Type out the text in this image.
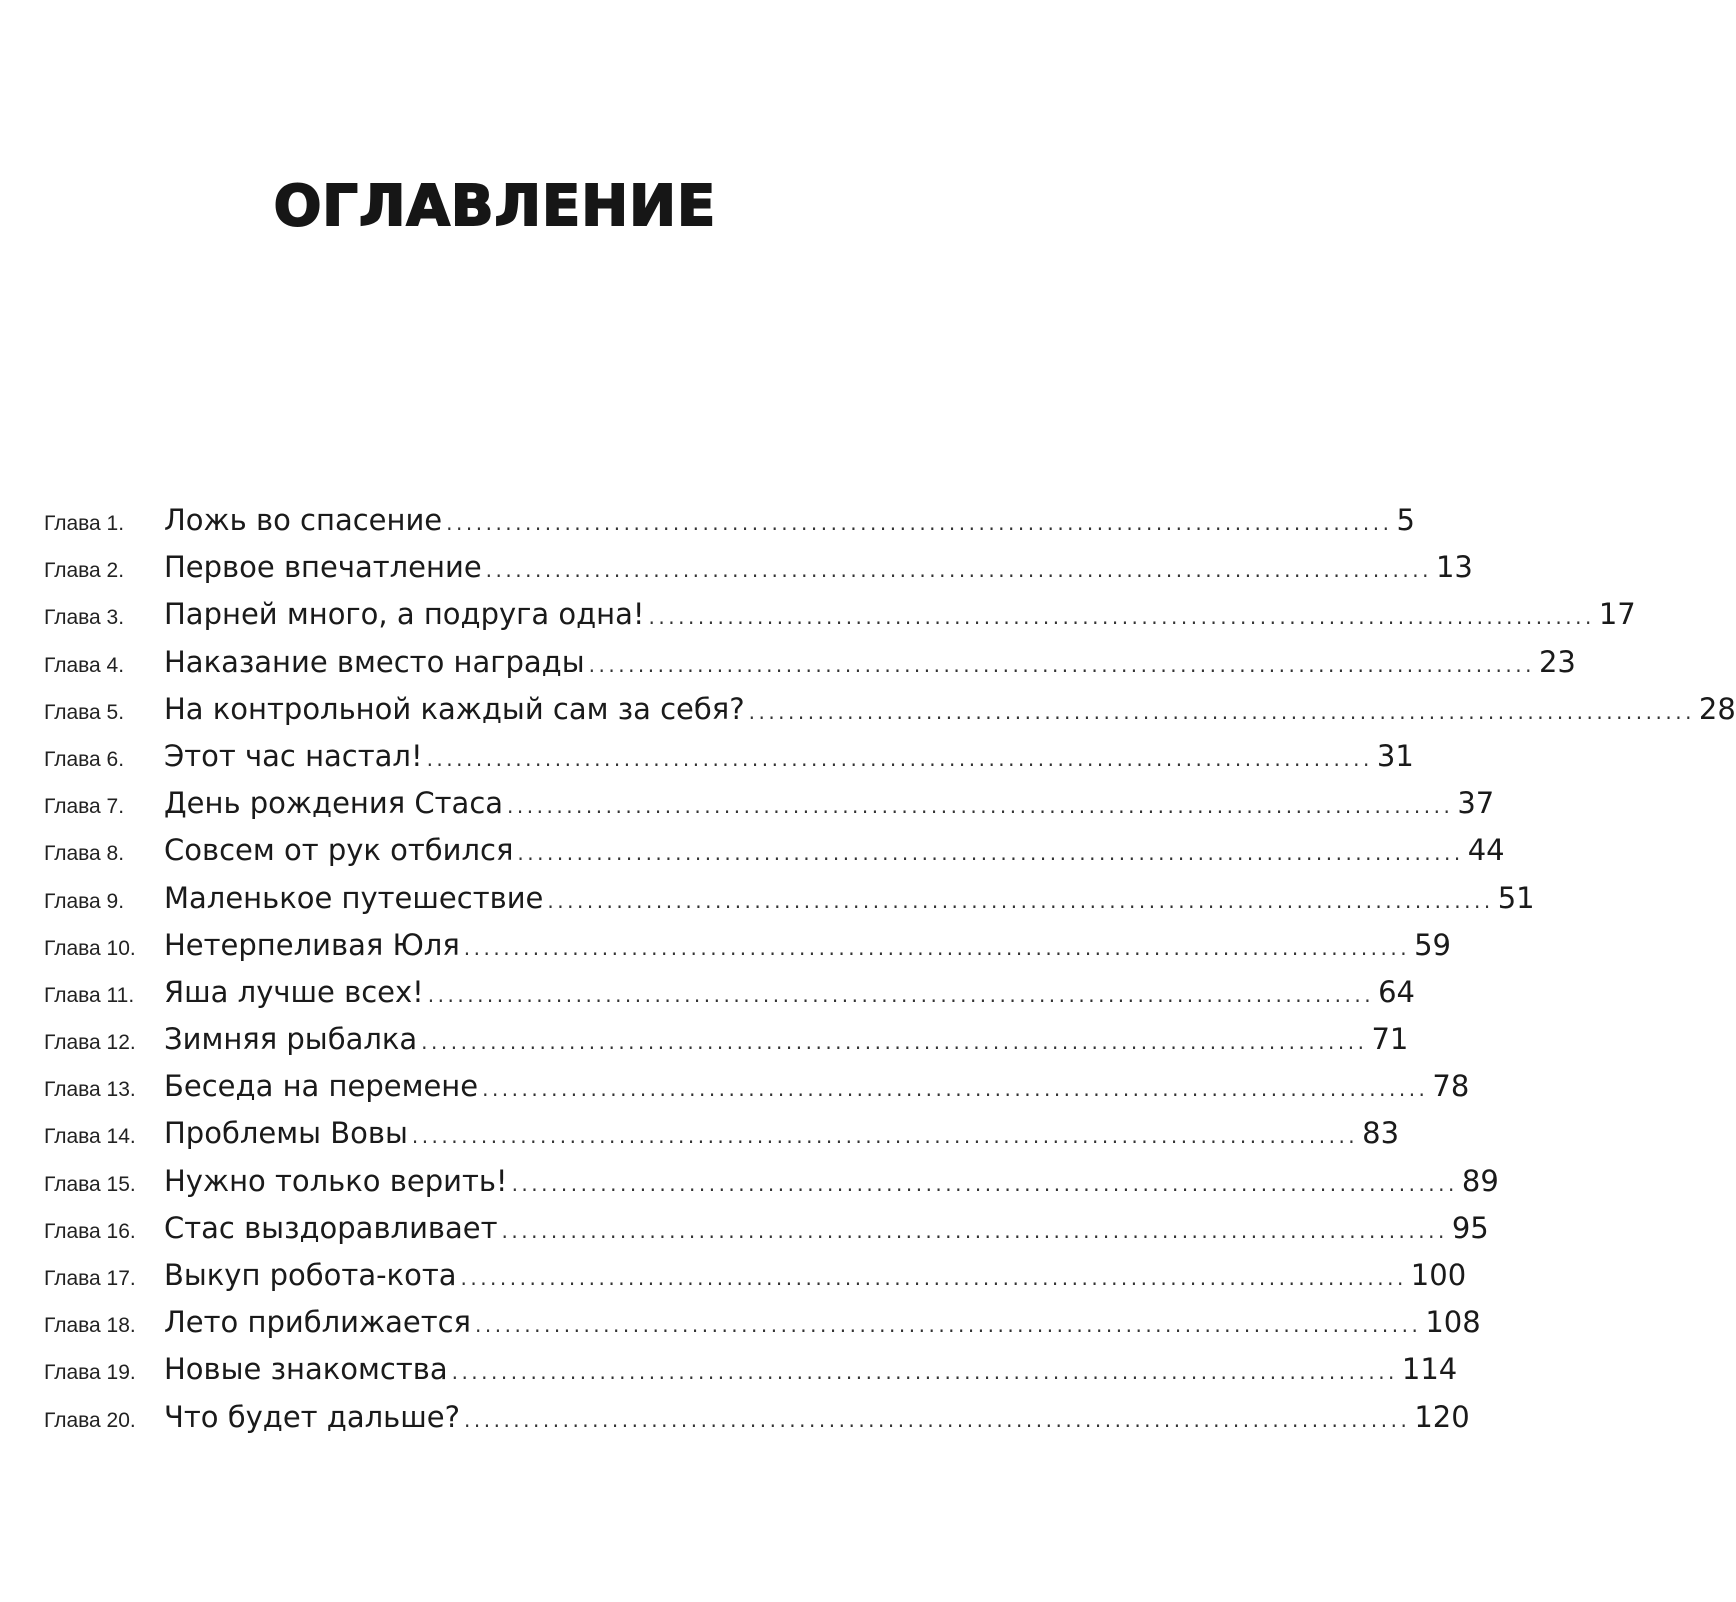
ОГЛАВЛЕНИЕ
Глава 1.	Ложь во спасение ................................................................................................ 5
Глава 2.	Первое впечатление ................................................................................................ 13
Глава 3.	Парней много, а подруга одна! ................................................................................................ 17
Глава 4.	Наказание вместо награды ................................................................................................ 23
Глава 5.	На контрольной каждый сам за себя? ................................................................................................ 28
Глава 6.	Этот час настал! ................................................................................................ 31
Глава 7.	День рождения Стаса ................................................................................................ 37
Глава 8.	Совсем от рук отбился ................................................................................................ 44
Глава 9.	Маленькое путешествие ................................................................................................ 51
Глава 10. Нетерпеливая Юля ................................................................................................ 59
Глава 11.	Яша лучше всех! ................................................................................................ 64
Глава 12. Зимняя рыбалка ................................................................................................ 71
Глава 13. Беседа на перемене ................................................................................................ 78
Глава 14. Проблемы Вовы ................................................................................................ 83
Глава 15. Нужно только верить! ................................................................................................ 89
Глава 16. Стас выздоравливает ................................................................................................ 95
Глава 17. Выкуп робота-кота ................................................................................................ 100
Глава 18. Лето приближается ................................................................................................ 108
Глава 19. Новые знакомства ................................................................................................ 114
Глава 20. Что будет дальше? ................................................................................................ 120
